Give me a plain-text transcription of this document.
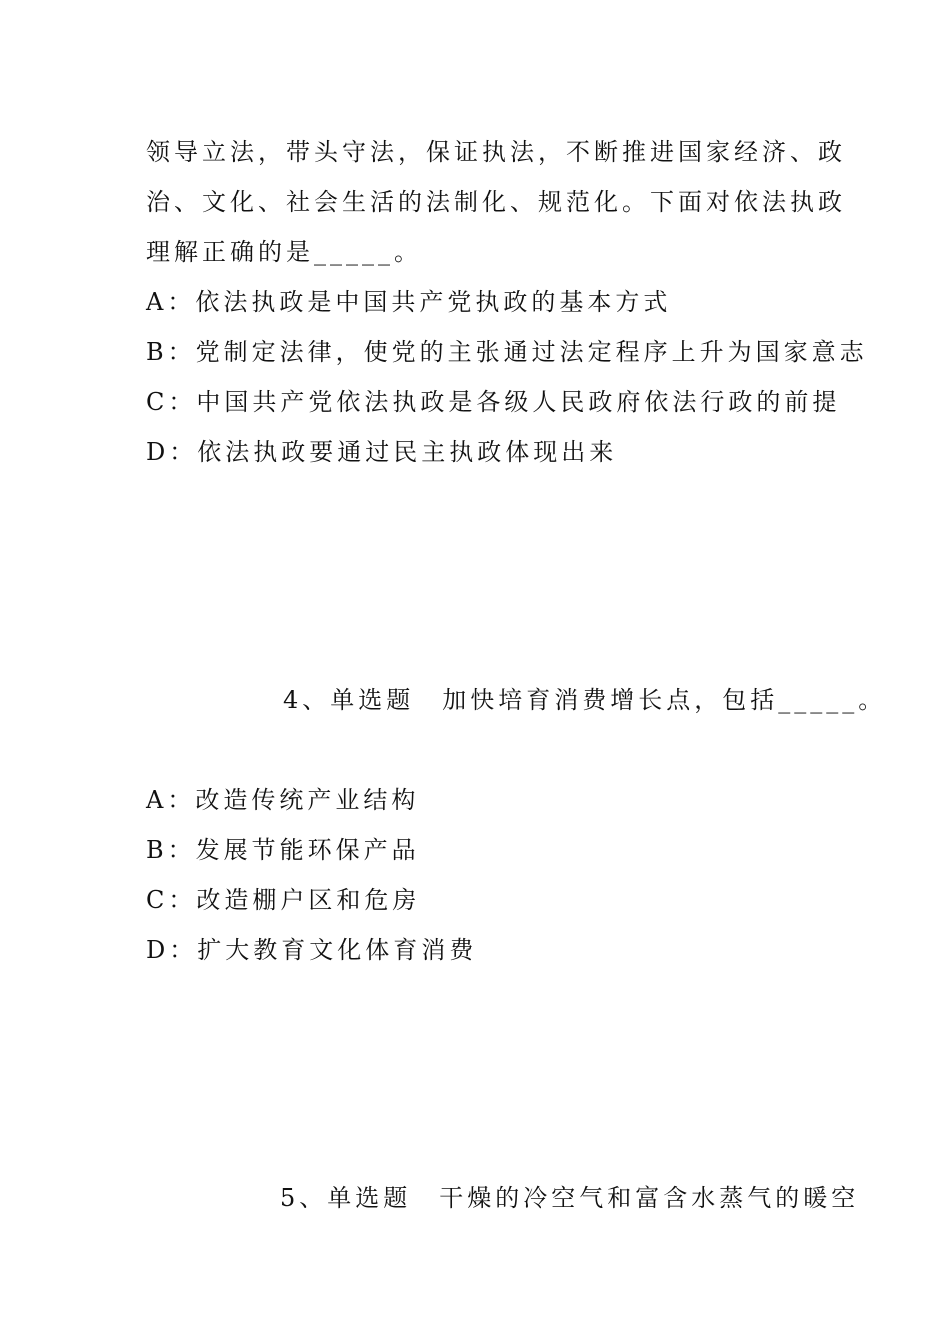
领导立法，带头守法，保证执法，不断推进国家经济、政
治、文化、社会生活的法制化、规范化。下面对依法执政
理解正确的是_____。
A：依法执政是中国共产党执政的基本方式
B：党制定法律，使党的主张通过法定程序上升为国家意志
C：中国共产党依法执政是各级人民政府依法行政的前提
D：依法执政要通过民主执政体现出来
4、单选题　加快培育消费增长点，包括_____。
A：改造传统产业结构
B：发展节能环保产品
C：改造棚户区和危房
D：扩大教育文化体育消费
5、单选题　干燥的冷空气和富含水蒸气的暖空
